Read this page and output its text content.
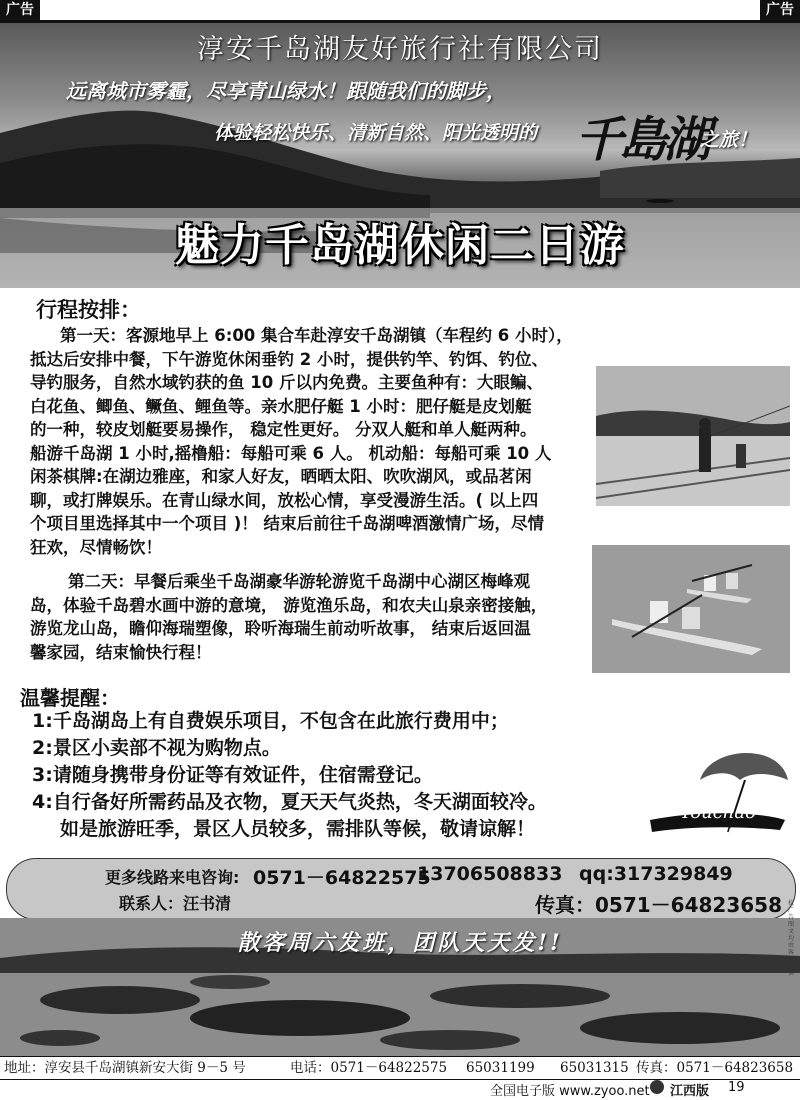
广告	广告
淳安千岛湖友好旅行社有限公司
远离城市雾霾，尽享青山绿水！跟随我们的脚步，
体验轻松快乐、清新自然、阳光透明的 千島湖
之旅！
魅力千岛湖休闲二日游
行程按排：
第一天：客源地早上 6:00 集合车赴淳安千岛湖镇（车程约 6 小时），
抵达后安排中餐，下午游览休闲垂钓 2 小时，提供钓竿、钓饵、钓位、
导钓服务，自然水域钓获的鱼 10 斤以内免费。主要鱼种有：大眼鳊、
白花鱼、鲫鱼、鳜鱼、鲤鱼等。亲水肥仔艇 1 小时：肥仔艇是皮划艇
的一种，较皮划艇要易操作， 稳定性更好。 分双人艇和单人艇两种。
船游千岛湖 1 小时,摇橹船：每船可乘 6 人。 机动船：每船可乘 10 人
闲茶棋牌:在湖边雅座，和家人好友，晒晒太阳、吹吹湖风，或品茗闲
聊，或打牌娱乐。在青山绿水间，放松心情，享受漫游生活。( 以上四
个项目里选择其中一个项目 )！ 结束后前往千岛湖啤酒激情广场，尽情
狂欢，尽情畅饮！
第二天：早餐后乘坐千岛湖豪华游轮游览千岛湖中心湖区梅峰观
岛，体验千岛碧水画中游的意境， 游览渔乐岛，和农夫山泉亲密接触，
游览龙山岛，瞻仰海瑞塑像，聆听海瑞生前动听故事， 结束后返回温
馨家园，结束愉快行程！
温馨提醒：
1:千岛湖岛上有自费娱乐项目，不包含在此旅行费用中；
2:景区小卖部不视为购物点。
3:请随身携带身份证等有效证件，住宿需登记。
4:自行备好所需药品及衣物，夏天天气炎热，冬天湖面较冷。
如是旅游旺季，景区人员较多，需排队等候，敬请谅解！
Youchao
友好假期
更多线路来电咨询: 0571－64822575
13706508833 qq:317329849
联系人：汪书清	传真：0571－64823658
散客周六发班，团队天天发!!
地址：淳安县千岛湖镇新安大街 9－5 号	电话：0571－64822575 65031199 65031315 传真：0571－64823658
杭广告图文均由客户提供
全国电子版 www.zyoo.net 江西版 19
